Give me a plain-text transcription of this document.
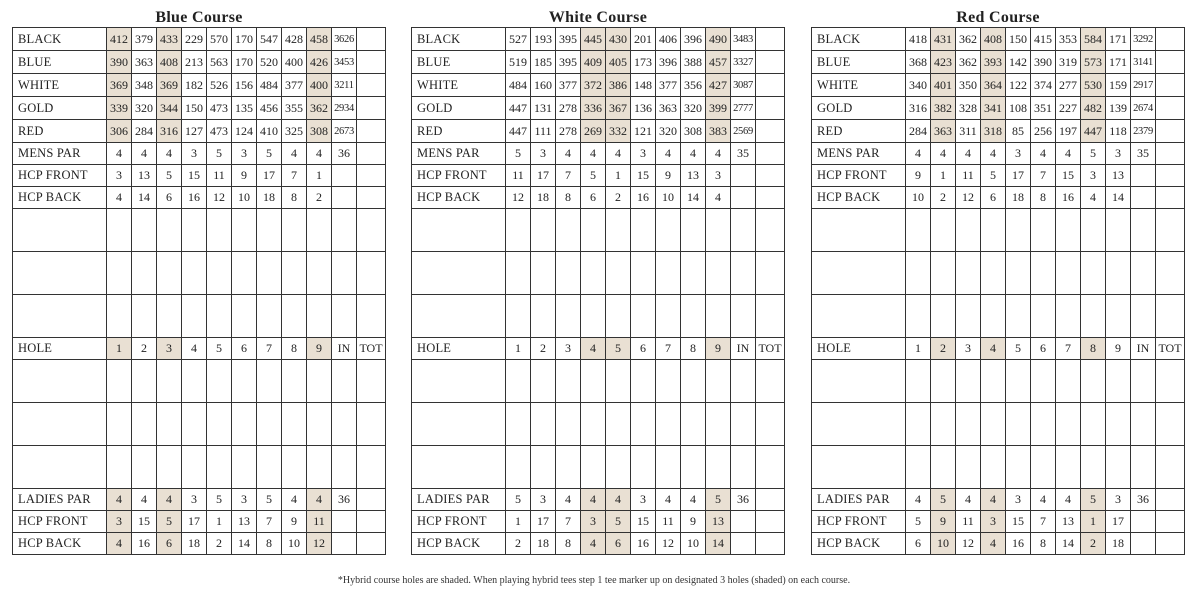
Blue Course
BLACK	412	379	433	229	570	170	547	428	458	3626	
BLUE	390	363	408	213	563	170	520	400	426	3453	
WHITE	369	348	369	182	526	156	484	377	400	3211	
GOLD	339	320	344	150	473	135	456	355	362	2934	
RED	306	284	316	127	473	124	410	325	308	2673	
MENS PAR	4	4	4	3	5	3	5	4	4	36	
HCP FRONT	3	13	5	15	11	9	17	7	1		
HCP BACK	4	14	6	16	12	10	18	8	2		

HOLE	1	2	3	4	5	6	7	8	9	IN	TOT

LADIES PAR	4	4	4	3	5	3	5	4	4	36	
HCP FRONT	3	15	5	17	1	13	7	9	11		
HCP BACK	4	16	6	18	2	14	8	10	12		
White Course
BLACK	527	193	395	445	430	201	406	396	490	3483	
BLUE	519	185	395	409	405	173	396	388	457	3327	
WHITE	484	160	377	372	386	148	377	356	427	3087	
GOLD	447	131	278	336	367	136	363	320	399	2777	
RED	447	111	278	269	332	121	320	308	383	2569	
MENS PAR	5	3	4	4	4	3	4	4	4	35	
HCP FRONT	11	17	7	5	1	15	9	13	3		
HCP BACK	12	18	8	6	2	16	10	14	4		

HOLE	1	2	3	4	5	6	7	8	9	IN	TOT

LADIES PAR	5	3	4	4	4	3	4	4	5	36	
HCP FRONT	1	17	7	3	5	15	11	9	13		
HCP BACK	2	18	8	4	6	16	12	10	14		
Red Course
BLACK	418	431	362	408	150	415	353	584	171	3292	
BLUE	368	423	362	393	142	390	319	573	171	3141	
WHITE	340	401	350	364	122	374	277	530	159	2917	
GOLD	316	382	328	341	108	351	227	482	139	2674	
RED	284	363	311	318	85	256	197	447	118	2379	
MENS PAR	4	4	4	4	3	4	4	5	3	35	
HCP FRONT	9	1	11	5	17	7	15	3	13		
HCP BACK	10	2	12	6	18	8	16	4	14		

HOLE	1	2	3	4	5	6	7	8	9	IN	TOT

LADIES PAR	4	5	4	4	3	4	4	5	3	36	
HCP FRONT	5	9	11	3	15	7	13	1	17		
HCP BACK	6	10	12	4	16	8	14	2	18		
*Hybrid course holes are shaded. When playing hybrid tees step 1 tee marker up on designated 3 holes (shaded) on each course.
